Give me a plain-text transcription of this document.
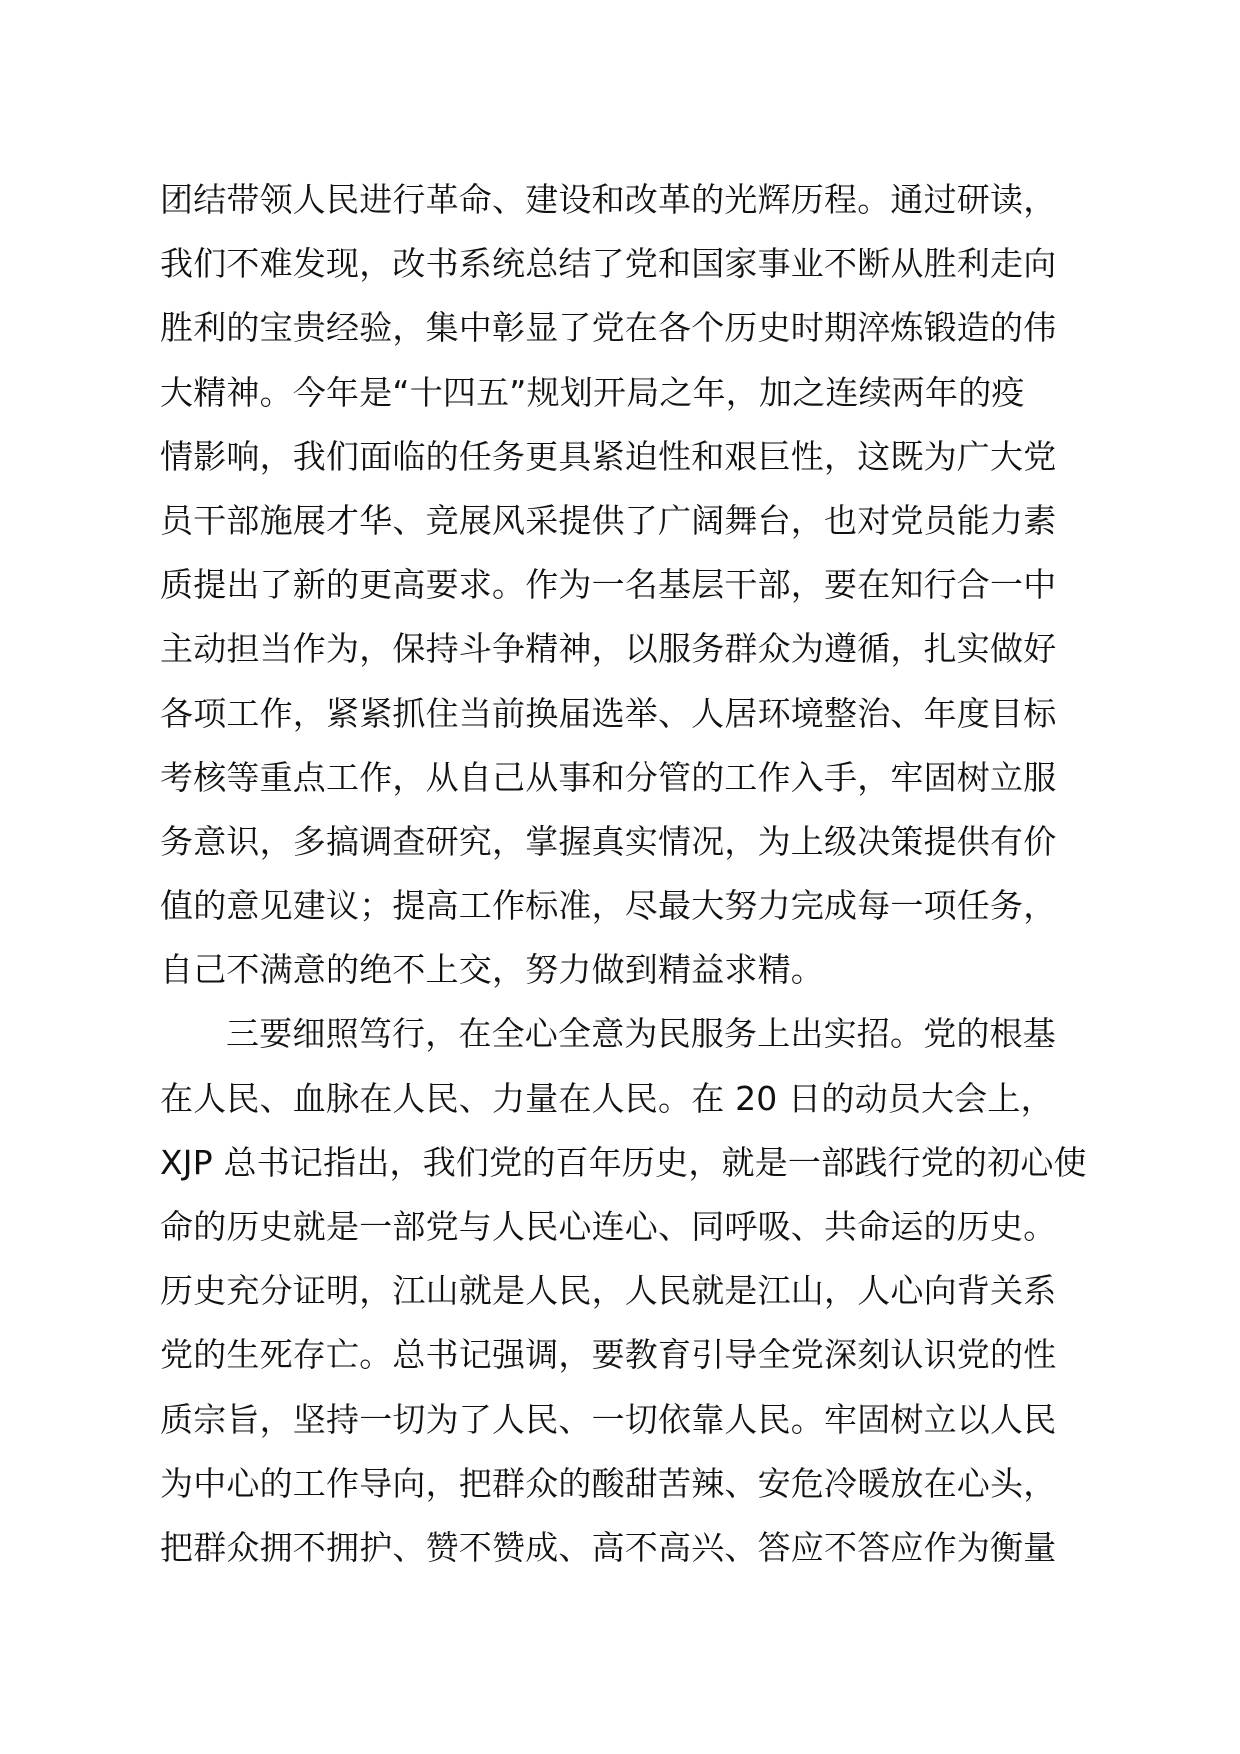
团结带领人民进行革命、建设和改革的光辉历程。通过研读，
我们不难发现，改书系统总结了党和国家事业不断从胜利走向
胜利的宝贵经验，集中彰显了党在各个历史时期淬炼锻造的伟
大精神。今年是“十四五”规划开局之年，加之连续两年的疫
情影响，我们面临的任务更具紧迫性和艰巨性，这既为广大党
员干部施展才华、竞展风采提供了广阔舞台，也对党员能力素
质提出了新的更高要求。作为一名基层干部，要在知行合一中
主动担当作为，保持斗争精神，以服务群众为遵循，扎实做好
各项工作，紧紧抓住当前换届选举、人居环境整治、年度目标
考核等重点工作，从自己从事和分管的工作入手，牢固树立服
务意识，多搞调查研究，掌握真实情况，为上级决策提供有价
值的意见建议；提高工作标准，尽最大努力完成每一项任务，
自己不满意的绝不上交，努力做到精益求精。
三要细照笃行，在全心全意为民服务上出实招。党的根基
在人民、血脉在人民、力量在人民。在 20 日的动员大会上，
XJP 总书记指出，我们党的百年历史，就是一部践行党的初心使
命的历史就是一部党与人民心连心、同呼吸、共命运的历史。
历史充分证明，江山就是人民，人民就是江山，人心向背关系
党的生死存亡。总书记强调，要教育引导全党深刻认识党的性
质宗旨，坚持一切为了人民、一切依靠人民。牢固树立以人民
为中心的工作导向，把群众的酸甜苦辣、安危冷暖放在心头，
把群众拥不拥护、赞不赞成、高不高兴、答应不答应作为衡量
